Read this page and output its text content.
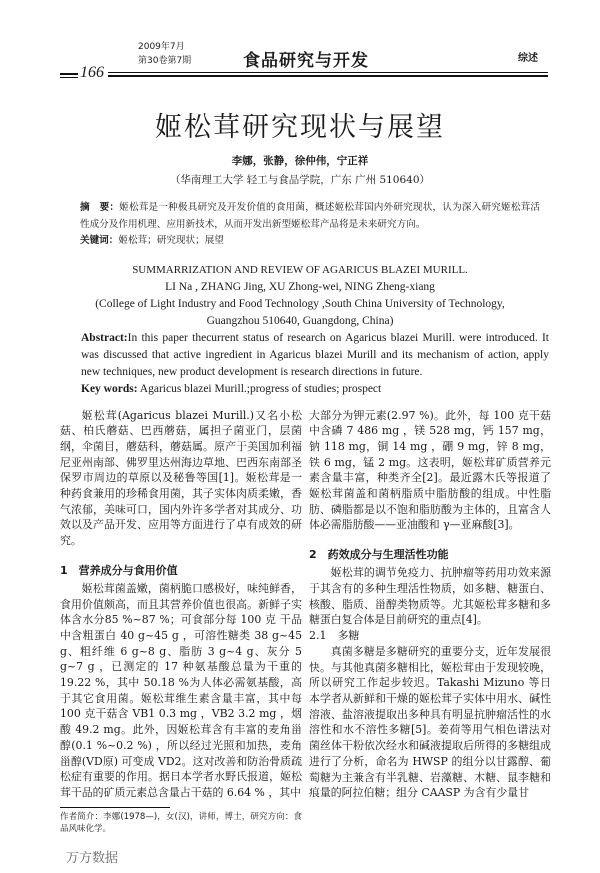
2009年7月
第30卷第7期	食品研究与开发	综述
166
姬松茸研究现状与展望
李娜，张静，徐仲伟，宁正祥
（华南理工大学 轻工与食品学院，广东 广州 510640）
摘　要：姬松茸是一种极具研究及开发价值的食用菌，概述姬松茸国内外研究现状，认为深入研究姬松茸活性成分及作用机理、应用新技术，从而开发出新型姬松茸产品将是未来研究方向。
关键词：姬松茸；研究现状；展望
SUMMARRIZATION AND REVIEW OF AGARICUS BLAZEI MURILL.
LI Na , ZHANG Jing, XU Zhong-wei, NING Zheng-xiang
(College of Light Industry and Food Technology ,South China University of Technology,
Guangzhou 510640, Guangdong, China)
Abstract:In this paper thecurrent status of research on Agaricus blazei Murill. were introduced. It was discussed that active ingredient in Agaricus blazei Murill and its mechanism of action, apply new techniques, new product development is research directions in future.
Key words: Agaricus blazei Murill.;progress of studies; prospect

姬松茸(Agaricus blazei Murill.)又名小松菇、柏氏蘑菇、巴西蘑菇，属担子菌亚门，层菌纲，伞菌目，蘑菇科，蘑菇属。原产于美国加利福尼亚州南部、佛罗里达州海边草地、巴西东南部圣保罗市周边的草原以及秘鲁等国[1]。姬松茸是一种药食兼用的珍稀食用菌，其子实体肉质柔嫩，香气浓郁，美味可口，国内外许多学者对其成分、功效以及产品开发、应用等方面进行了卓有成效的研究。

1　营养成分与食用价值

姬松茸菌盖嫩，菌柄脆口感极好，味纯鲜香，食用价值颇高，而且其营养价值也很高。新鲜子实体含水分85 %~87 %；可食部分每 100 克 干品中含粗蛋白 40 g~45 g ，可溶性糖类 38 g~45 g、粗纤维 6 g~8 g、脂肪 3 g~4 g、灰分 5 g~7 g ，已测定的 17 种氨基酸总量为干重的 19.22 %，其中 50.18 %为人体必需氨基酸，高于其它食用菌。姬松茸维生素含量丰富，其中每 100 克干菇含 VB1 0.3 mg ，VB2 3.2 mg ，烟酸 49.2 mg。此外，因姬松茸含有丰富的麦角甾醇(0.1 %~0.2 %) ，所以经过光照和加热，麦角甾醇(VD原) 可变成 VD2。这对改善和防治骨质疏松症有重要的作用。据日本学者水野氏报道，姬松茸干品的矿质元素总含量占干菇的 6.64 % ，其中

作者简介：李娜(1978—)，女(汉)，讲师，博士，研究方向：食品风味化学。
万方数据

大部分为钾元素(2.97 %)。此外，每 100 克干菇中含磷 7 486 mg ，镁 528 mg，钙 157 mg，钠 118 mg，铜 14 mg ，硼 9 mg，锌 8 mg，铁 6 mg，锰 2 mg。这表明，姬松茸矿质营养元素含量丰富，种类齐全[2]。最近露木氏等报道了姬松茸菌盖和菌柄脂质中脂肪酸的组成。中性脂肪、磷脂都是以不饱和脂肪酸为主体的，且富含人体必需脂肪酸——亚油酸和 γ—亚麻酸[3]。

2　药效成分与生理活性功能

姬松茸的调节免疫力、抗肿瘤等药用功效来源于其含有的多种生理活性物质，如多糖、糖蛋白、核酸、脂质、甾醇类物质等。尤其姬松茸多糖和多糖蛋白复合体是目前研究的重点[4]。

2.1　多糖

真菌多糖是多糖研究的重要分支，近年发展很快。与其他真菌多糖相比，姬松茸由于发现较晚，所以研究工作起步较迟。Takashi Mizuno 等日本学者从新鲜和干燥的姬松茸子实体中用水、碱性溶液、盐溶液提取出多种具有明显抗肿瘤活性的水溶性和水不溶性多糖[5]。姜荷等用气相色谱法对菌丝体干粉依次经水和碱液提取后所得的多糖组成进行了分析，命名为 HWSP 的组分以甘露醇、葡萄糖为主兼含有半乳糖、岩藻糖、木糖、鼠李糖和痕量的阿拉伯糖；组分 CAASP 为含有少量甘
